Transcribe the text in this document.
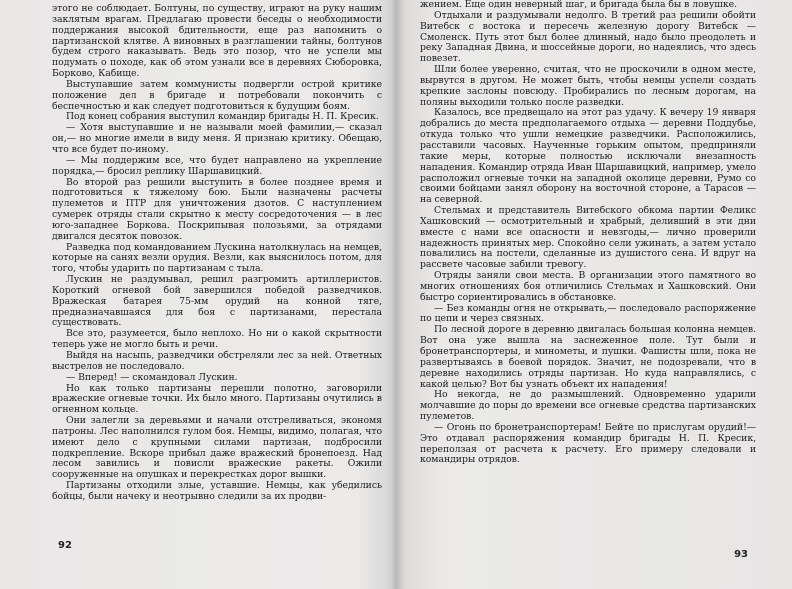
этого не соблюдает. Болтуны, по существу, играют на руку нашим заклятым врагам. Предлагаю провести беседы о необходимости поддержания высокой бдительности, еще раз напомнить о партизанской клятве. А виновных в разглашении тайны, болтунов будем строго наказывать. Ведь это позор, что не успели мы подумать о походе, как об этом узнали все в деревнях Сюборовка, Борково, Кабище.

Выступавшие затем коммунисты подвергли острой критике положение дел в бригаде и потребовали покончить с беспечностью и как следует подготовиться к будущим боям.

Под конец собрания выступил командир бригады Н. П. Кресик.

— Хотя выступавшие и не называли моей фамилии,— сказал он,— но многие имели в виду меня. Я признаю критику. Обещаю, что все будет по-иному.

— Мы поддержим все, что будет направлено на укрепление порядка,— бросил реплику Шаршавицкий.

Во второй раз решили выступить в более позднее время и подготовиться к тяжелому бою. Были назначены расчеты пулеметов и ПТР для уничтожения дзотов. С наступлением сумерек отряды стали скрытно к месту сосредоточения — в лес юго-западнее Боркова. Поскрипывая полозьями, за отрядами двигался десяток повозок.

Разведка под командованием Лускина натолкнулась на немцев, которые на санях везли орудия. Везли, как выяснилось потом, для того, чтобы ударить по партизанам с тыла.

Лускин не раздумывал, решил разгромить артиллеристов. Короткий огневой бой завершился победой разведчиков. Вражеская батарея 75-мм орудий на конной тяге, предназначавшаяся для боя с партизанами, перестала существовать.

Все это, разумеется, было неплохо. Но ни о какой скрытности теперь уже не могло быть и речи.

Выйдя на насыпь, разведчики обстреляли лес за ней. Ответных выстрелов не последовало.

— Вперед! — скомандовал Лускин.

Но как только партизаны перешли полотно, заговорили вражеские огневые точки. Их было много. Партизаны очутились в огненном кольце.

Они залегли за деревьями и начали отстреливаться, экономя патроны. Лес наполнился гулом боя. Немцы, видимо, полагая, что имеют дело с крупными силами партизан, подбросили подкрепление. Вскоре прибыл даже вражеский бронепоезд. Над лесом завились и повисли вражеские ракеты. Ожили сооруженные на опушках и перекрестках дорог вышки.

Партизаны отходили злые, уставшие. Немцы, как убедились бойцы, были начеку и неотрывно следили за их продви-

92

жением. Еще один неверный шаг, и бригада была бы в ловушке.

Отдыхали и раздумывали недолго. В третий раз решили обойти Витебск с востока и пересечь железную дорогу Витебск — Смоленск. Путь этот был более длинный, надо было преодолеть и реку Западная Двина, и шоссейные дороги, но надеялись, что здесь повезет.

Шли более уверенно, считая, что не проскочили в одном месте, вырвутся в другом. Не может быть, чтобы немцы успели создать крепкие заслоны повсюду. Пробирались по лесным дорогам, на поляны выходили только после разведки.

Казалось, все предвещало на этот раз удачу. К вечеру 19 января добрались до места предполагаемого отдыха — деревни Поддубье, откуда только что ушли немецкие разведчики. Расположились, расставили часовых. Наученные горьким опытом, предприняли такие меры, которые полностью исключали внезапность нападения. Командир отряда Иван Шаршавицкий, например, умело расположил огневые точки на западной околице деревни, Румо со своими бойцами занял оборону на восточной стороне, а Тарасов — на северной.

Стельмах и представитель Витебского обкома партии Феликс Хашковский — осмотрительный и храбрый, деливший в эти дни вместе с нами все опасности и невзгоды,— лично проверили надежность принятых мер. Спокойно сели ужинать, а затем устало повалились на постели, сделанные из душистого сена. И вдруг на рассвете часовые забили тревогу.

Отряды заняли свои места. В организации этого памятного во многих отношениях боя отличились Стельмах и Хашковский. Они быстро сориентировались в обстановке.

— Без команды огня не открывать,— последовало распоряжение по цепи и через связных.

По лесной дороге в деревню двигалась большая колонна немцев. Вот она уже вышла на заснеженное поле. Тут были и бронетранспортеры, и минометы, и пушки. Фашисты шли, пока не развертываясь в боевой порядок. Значит, не подозревали, что в деревне находились отряды партизан. Но куда направлялись, с какой целью? Вот бы узнать объект их нападения!

Но некогда, не до размышлений. Одновременно ударили молчавшие до поры до времени все огневые средства партизанских пулеметов.

— Огонь по бронетранспортерам! Бейте по прислугам орудий!— Это отдавал распоряжения командир бригады Н. П. Кресик, переползая от расчета к расчету. Его примеру следовали и командиры отрядов.

93
